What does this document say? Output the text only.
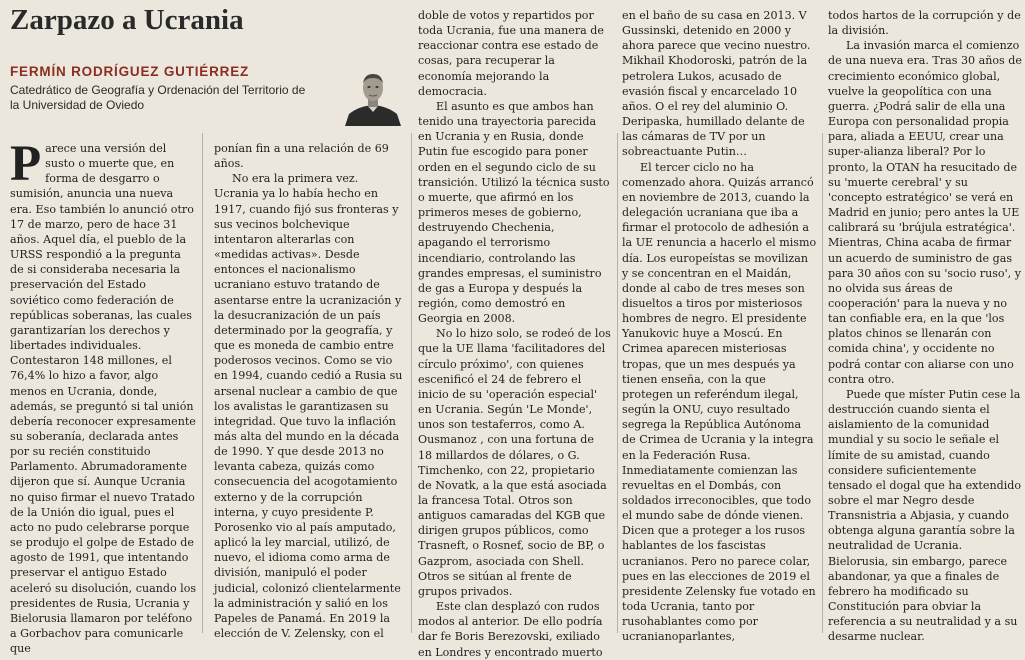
Zarpazo a Ucrania
FERMÍN RODRÍGUEZ GUTIÉRREZ
Catedrático de Geografía y Ordenación del Territorio de la Universidad de Oviedo

Parece una versión del susto o muerte que, en forma de desgarro o sumisión, anuncia una nueva era. Eso también lo anunció otro 17 de marzo, pero de hace 31 años. Aquel día, el pueblo de la URSS respondió a la pregunta de si consideraba necesaria la preservación del Estado soviético como federación de repúblicas soberanas, las cuales garantizarían los derechos y libertades individuales. Contestaron 148 millones, el 76,4% lo hizo a favor, algo menos en Ucrania, donde, además, se preguntó si tal unión debería reconocer expresamente su soberanía, declarada antes por su recién constituido Parlamento. Abrumadoramente dijeron que sí. Aunque Ucrania no quiso firmar el nuevo Tratado de la Unión dio igual, pues el acto no pudo celebrarse porque se produjo el golpe de Estado de agosto de 1991, que intentando preservar el antiguo Estado aceleró su disolución, cuando los presidentes de Rusia, Ucrania y Bielorusia llamaron por teléfono a Gorbachov para comunicarle que

ponían fin a una relación de 69 años.

No era la primera vez. Ucrania ya lo había hecho en 1917, cuando fijó sus fronteras y sus vecinos bolchevique intentaron alterarlas con «medidas activas». Desde entonces el nacionalismo ucraniano estuvo tratando de asentarse entre la ucranización y la desucranización de un país determinado por la geografía, y que es moneda de cambio entre poderosos vecinos. Como se vio en 1994, cuando cedió a Rusia su arsenal nuclear a cambio de que los avalistas le garantizasen su integridad. Que tuvo la inflación más alta del mundo en la década de 1990. Y que desde 2013 no levanta cabeza, quizás como consecuencia del acogotamiento externo y de la corrupción interna, y cuyo presidente P. Porosenko vio al país amputado, aplicó la ley marcial, utilizó, de nuevo, el idioma como arma de división, manipuló el poder judicial, colonizó clientelarmente la administración y salió en los Papeles de Panamá. En 2019 la elección de V. Zelensky, con el

doble de votos y repartidos por toda Ucrania, fue una manera de reaccionar contra ese estado de cosas, para recuperar la economía mejorando la democracia.

El asunto es que ambos han tenido una trayectoria parecida en Ucrania y en Rusia, donde Putin fue escogido para poner orden en el segundo ciclo de su transición. Utilizó la técnica susto o muerte, que afirmó en los primeros meses de gobierno, destruyendo Chechenia, apagando el terrorismo incendiario, controlando las grandes empresas, el suministro de gas a Europa y después la región, como demostró en Georgia en 2008.

No lo hizo solo, se rodeó de los que la UE llama 'facilitadores del círculo próximo', con quienes escenificó el 24 de febrero el inicio de su 'operación especial' en Ucrania. Según 'Le Monde', unos son testaferros, como A. Ousmanoz , con una fortuna de 18 millardos de dólares, o G. Timchenko, con 22, propietario de Novatk, a la que está asociada la francesa Total. Otros son antiguos camaradas del KGB que dirigen grupos públicos, como Trasneft, o Rosnef, socio de BP, o Gazprom, asociada con Shell. Otros se sitúan al frente de grupos privados.

Este clan desplazó con rudos modos al anterior. De ello podría dar fe Boris Berezovski, exiliado en Londres y encontrado muerto

en el baño de su casa en 2013. V Gussinski, detenido en 2000 y ahora parece que vecino nuestro. Mikhail Khodoroski, patrón de la petrolera Lukos, acusado de evasión fiscal y encarcelado 10 años. O el rey del aluminio O. Deripaska, humillado delante de las cámaras de TV por un sobreactuante Putin…

El tercer ciclo no ha comenzado ahora. Quizás arrancó en noviembre de 2013, cuando la delegación ucraniana que iba a firmar el protocolo de adhesión a la UE renuncia a hacerlo el mismo día. Los europeístas se movilizan y se concentran en el Maidán, donde al cabo de tres meses son disueltos a tiros por misteriosos hombres de negro. El presidente Yanukovic huye a Moscú. En Crimea aparecen misteriosas tropas, que un mes después ya tienen enseña, con la que protegen un referéndum ilegal, según la ONU, cuyo resultado segrega la República Autónoma de Crimea de Ucrania y la integra en la Federación Rusa. Inmediatamente comienzan las revueltas en el Dombás, con soldados irreconocibles, que todo el mundo sabe de dónde vienen. Dicen que a proteger a los rusos hablantes de los fascistas ucranianos. Pero no parece colar, pues en las elecciones de 2019 el presidente Zelensky fue votado en toda Ucrania, tanto por rusohablantes como por ucranianoparlantes,

todos hartos de la corrupción y de la división.

La invasión marca el comienzo de una nueva era. Tras 30 años de crecimiento económico global, vuelve la geopolítica con una guerra. ¿Podrá salir de ella una Europa con personalidad propia para, aliada a EEUU, crear una super-alianza liberal? Por lo pronto, la OTAN ha resucitado de su 'muerte cerebral' y su 'concepto estratégico' se verá en Madrid en junio; pero antes la UE calibrará su 'brújula estratégica'. Mientras, China acaba de firmar un acuerdo de suministro de gas para 30 años con su 'socio ruso', y no olvida sus áreas de cooperación' para la nueva y no tan confiable era, en la que 'los platos chinos se llenarán con comida china', y occidente no podrá contar con aliarse con uno contra otro.

Puede que míster Putin cese la destrucción cuando sienta el aislamiento de la comunidad mundial y su socio le señale el límite de su amistad, cuando considere suficientemente tensado el dogal que ha extendido sobre el mar Negro desde Transnistria a Abjasia, y cuando obtenga alguna garantía sobre la neutralidad de Ucrania. Bielorusia, sin embargo, parece abandonar, ya que a finales de febrero ha modificado su Constitución para obviar la referencia a su neutralidad y a su desarme nuclear.
